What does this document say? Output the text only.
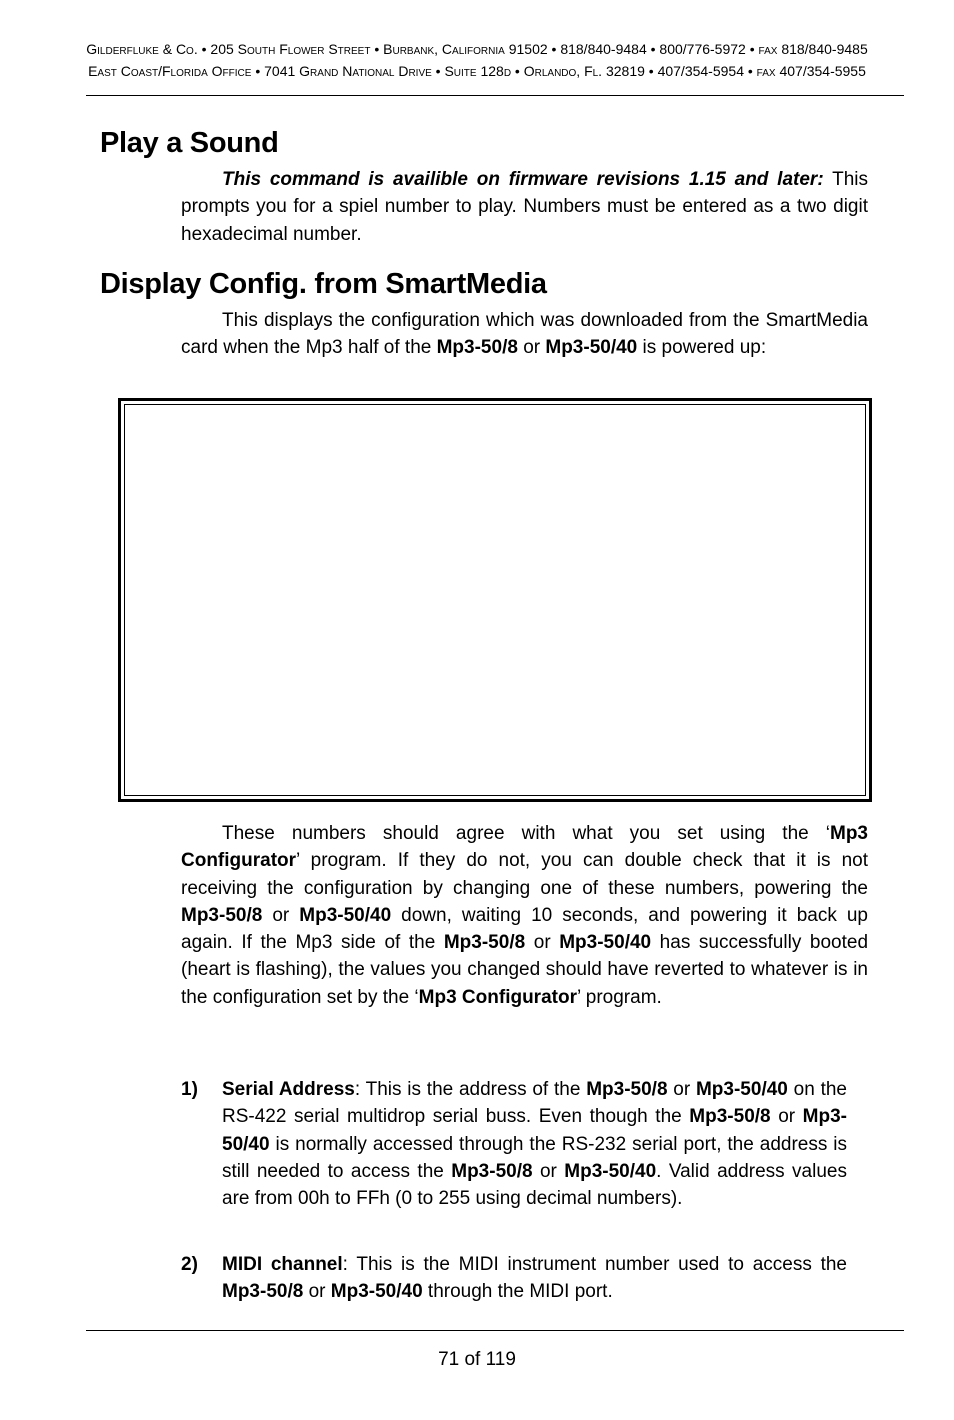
Gilderfluke & Co. • 205 South Flower Street • Burbank, California 91502 • 818/840-9484 • 800/776-5972 • fax 818/840-9485
East Coast/Florida Office • 7041 Grand National Drive • Suite 128d • Orlando, Fl. 32819 • 407/354-5954 • fax 407/354-5955
Play a Sound

This command is availible on firmware revisions 1.15 and later: This prompts you for a spiel number to play. Numbers must be entered as a two digit hexadecimal number.

Display Config. from SmartMedia

This displays the configuration which was downloaded from the SmartMedia card when the Mp3 half of the Mp3-50/8 or Mp3-50/40 is powered up:

These numbers should agree with what you set using the ‘Mp3 Configurator’ program. If they do not, you can double check that it is not receiving the configuration by changing one of these numbers, powering the Mp3-50/8 or Mp3-50/40 down, waiting 10 seconds, and powering it back up again. If the Mp3 side of the Mp3-50/8 or Mp3-50/40 has successfully booted (heart is flashing), the values you changed should have reverted to whatever is in the configuration set by the ‘Mp3 Configurator’ program.

1) Serial Address: This is the address of the Mp3-50/8 or Mp3-50/40 on the RS-422 serial multidrop serial buss. Even though the Mp3-50/8 or Mp3-50/40 is normally accessed through the RS-232 serial port, the address is still needed to access the Mp3-50/8 or Mp3-50/40. Valid address values are from 00h to FFh (0 to 255 using decimal numbers).
2) MIDI channel: This is the MIDI instrument number used to access the Mp3-50/8 or Mp3-50/40 through the MIDI port.
71 of 119
